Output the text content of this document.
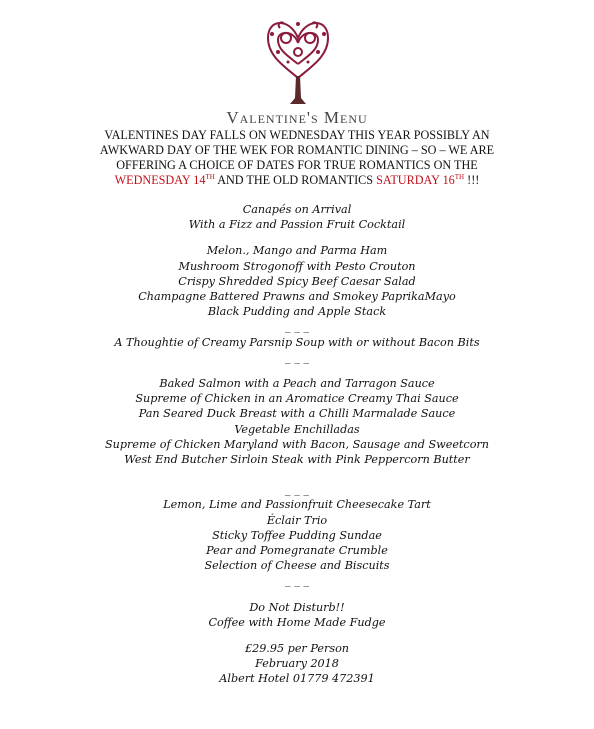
Valentine's Menu
VALENTINES DAY FALLS ON WEDNESDAY THIS YEAR POSSIBLY AN AWKWARD DAY OF THE WEK FOR ROMANTIC DINING – SO – WE ARE OFFERING A CHOICE OF DATES FOR TRUE ROMANTICS ON THE WEDNESDAY 14TH AND THE OLD ROMANTICS SATURDAY 16TH !!!
Canapés on Arrival
With a Fizz and Passion Fruit Cocktail
Melon., Mango and Parma Ham
Mushroom Strogonoff with Pesto Crouton
Crispy Shredded Spicy Beef Caesar Salad
Champagne Battered Prawns and Smokey PaprikaMayo
Black Pudding and Apple Stack
_ _ _
A Thoughtie of Creamy Parsnip Soup with or without Bacon Bits
_ _ _
Baked Salmon with a Peach and Tarragon Sauce
Supreme of Chicken in an Aromatice Creamy Thai Sauce
Pan Seared Duck Breast with a Chilli Marmalade Sauce
Vegetable Enchilladas
Supreme of Chicken Maryland with Bacon, Sausage and Sweetcorn
West End Butcher Sirloin Steak with Pink Peppercorn Butter
_ _ _
Lemon, Lime and Passionfruit Cheesecake Tart
Éclair Trio
Sticky Toffee Pudding Sundae
Pear and Pomegranate Crumble
Selection of Cheese and Biscuits
_ _ _
Do Not Disturb!!
Coffee with Home Made Fudge
£29.95 per Person
February 2018
Albert Hotel 01779 472391
